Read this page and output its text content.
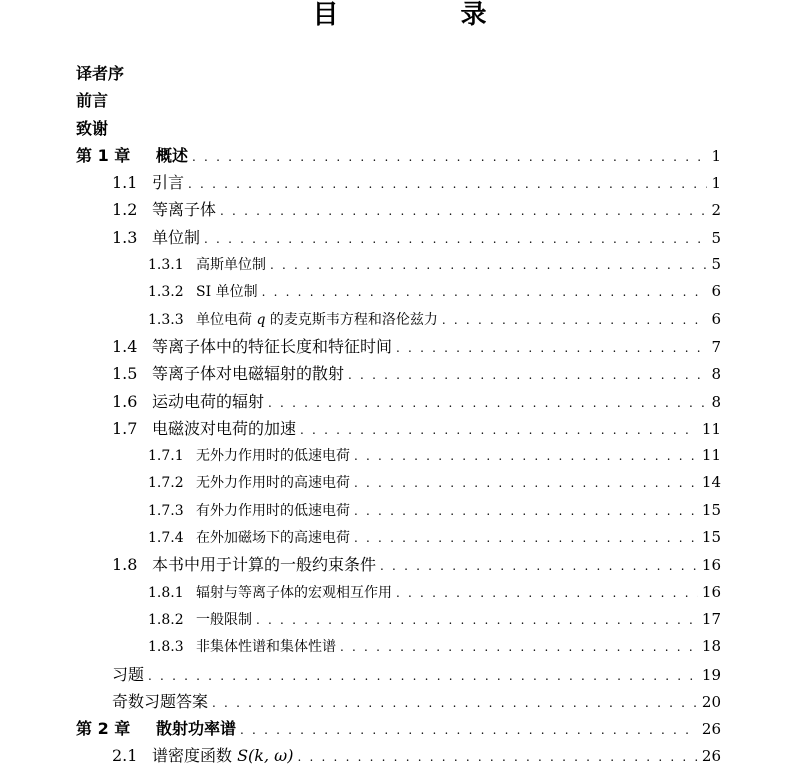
目　录
译者序
前言
致谢
第 1 章	概述 . . .	1
1.1 引言 . . .	1
1.2 等离子体 . . .	2
1.3 单位制 . . .	5
1.3.1 高斯单位制 . . .	5
1.3.2 SI 单位制 . . .	6
1.3.3 单位电荷 q 的麦克斯韦方程和洛伦兹力 . . .	6
1.4 等离子体中的特征长度和特征时间 . . .	7
1.5 等离子体对电磁辐射的散射 . . .	8
1.6 运动电荷的辐射 . . .	8
1.7 电磁波对电荷的加速 . . .	11
1.7.1 无外力作用时的低速电荷 . . .	11
1.7.2 无外力作用时的高速电荷 . . .	14
1.7.3 有外力作用时的低速电荷 . . .	15
1.7.4 在外加磁场下的高速电荷 . . .	15
1.8 本书中用于计算的一般约束条件 . . .	16
1.8.1 辐射与等离子体的宏观相互作用 . . .	16
1.8.2 一般限制 . . .	17
1.8.3 非集体性谱和集体性谱 . . .	18
习题 . . .	19
奇数习题答案 . . .	20
第 2 章	散射功率谱 . . .	26
2.1 谱密度函数 S(k, ω) . . .	26
